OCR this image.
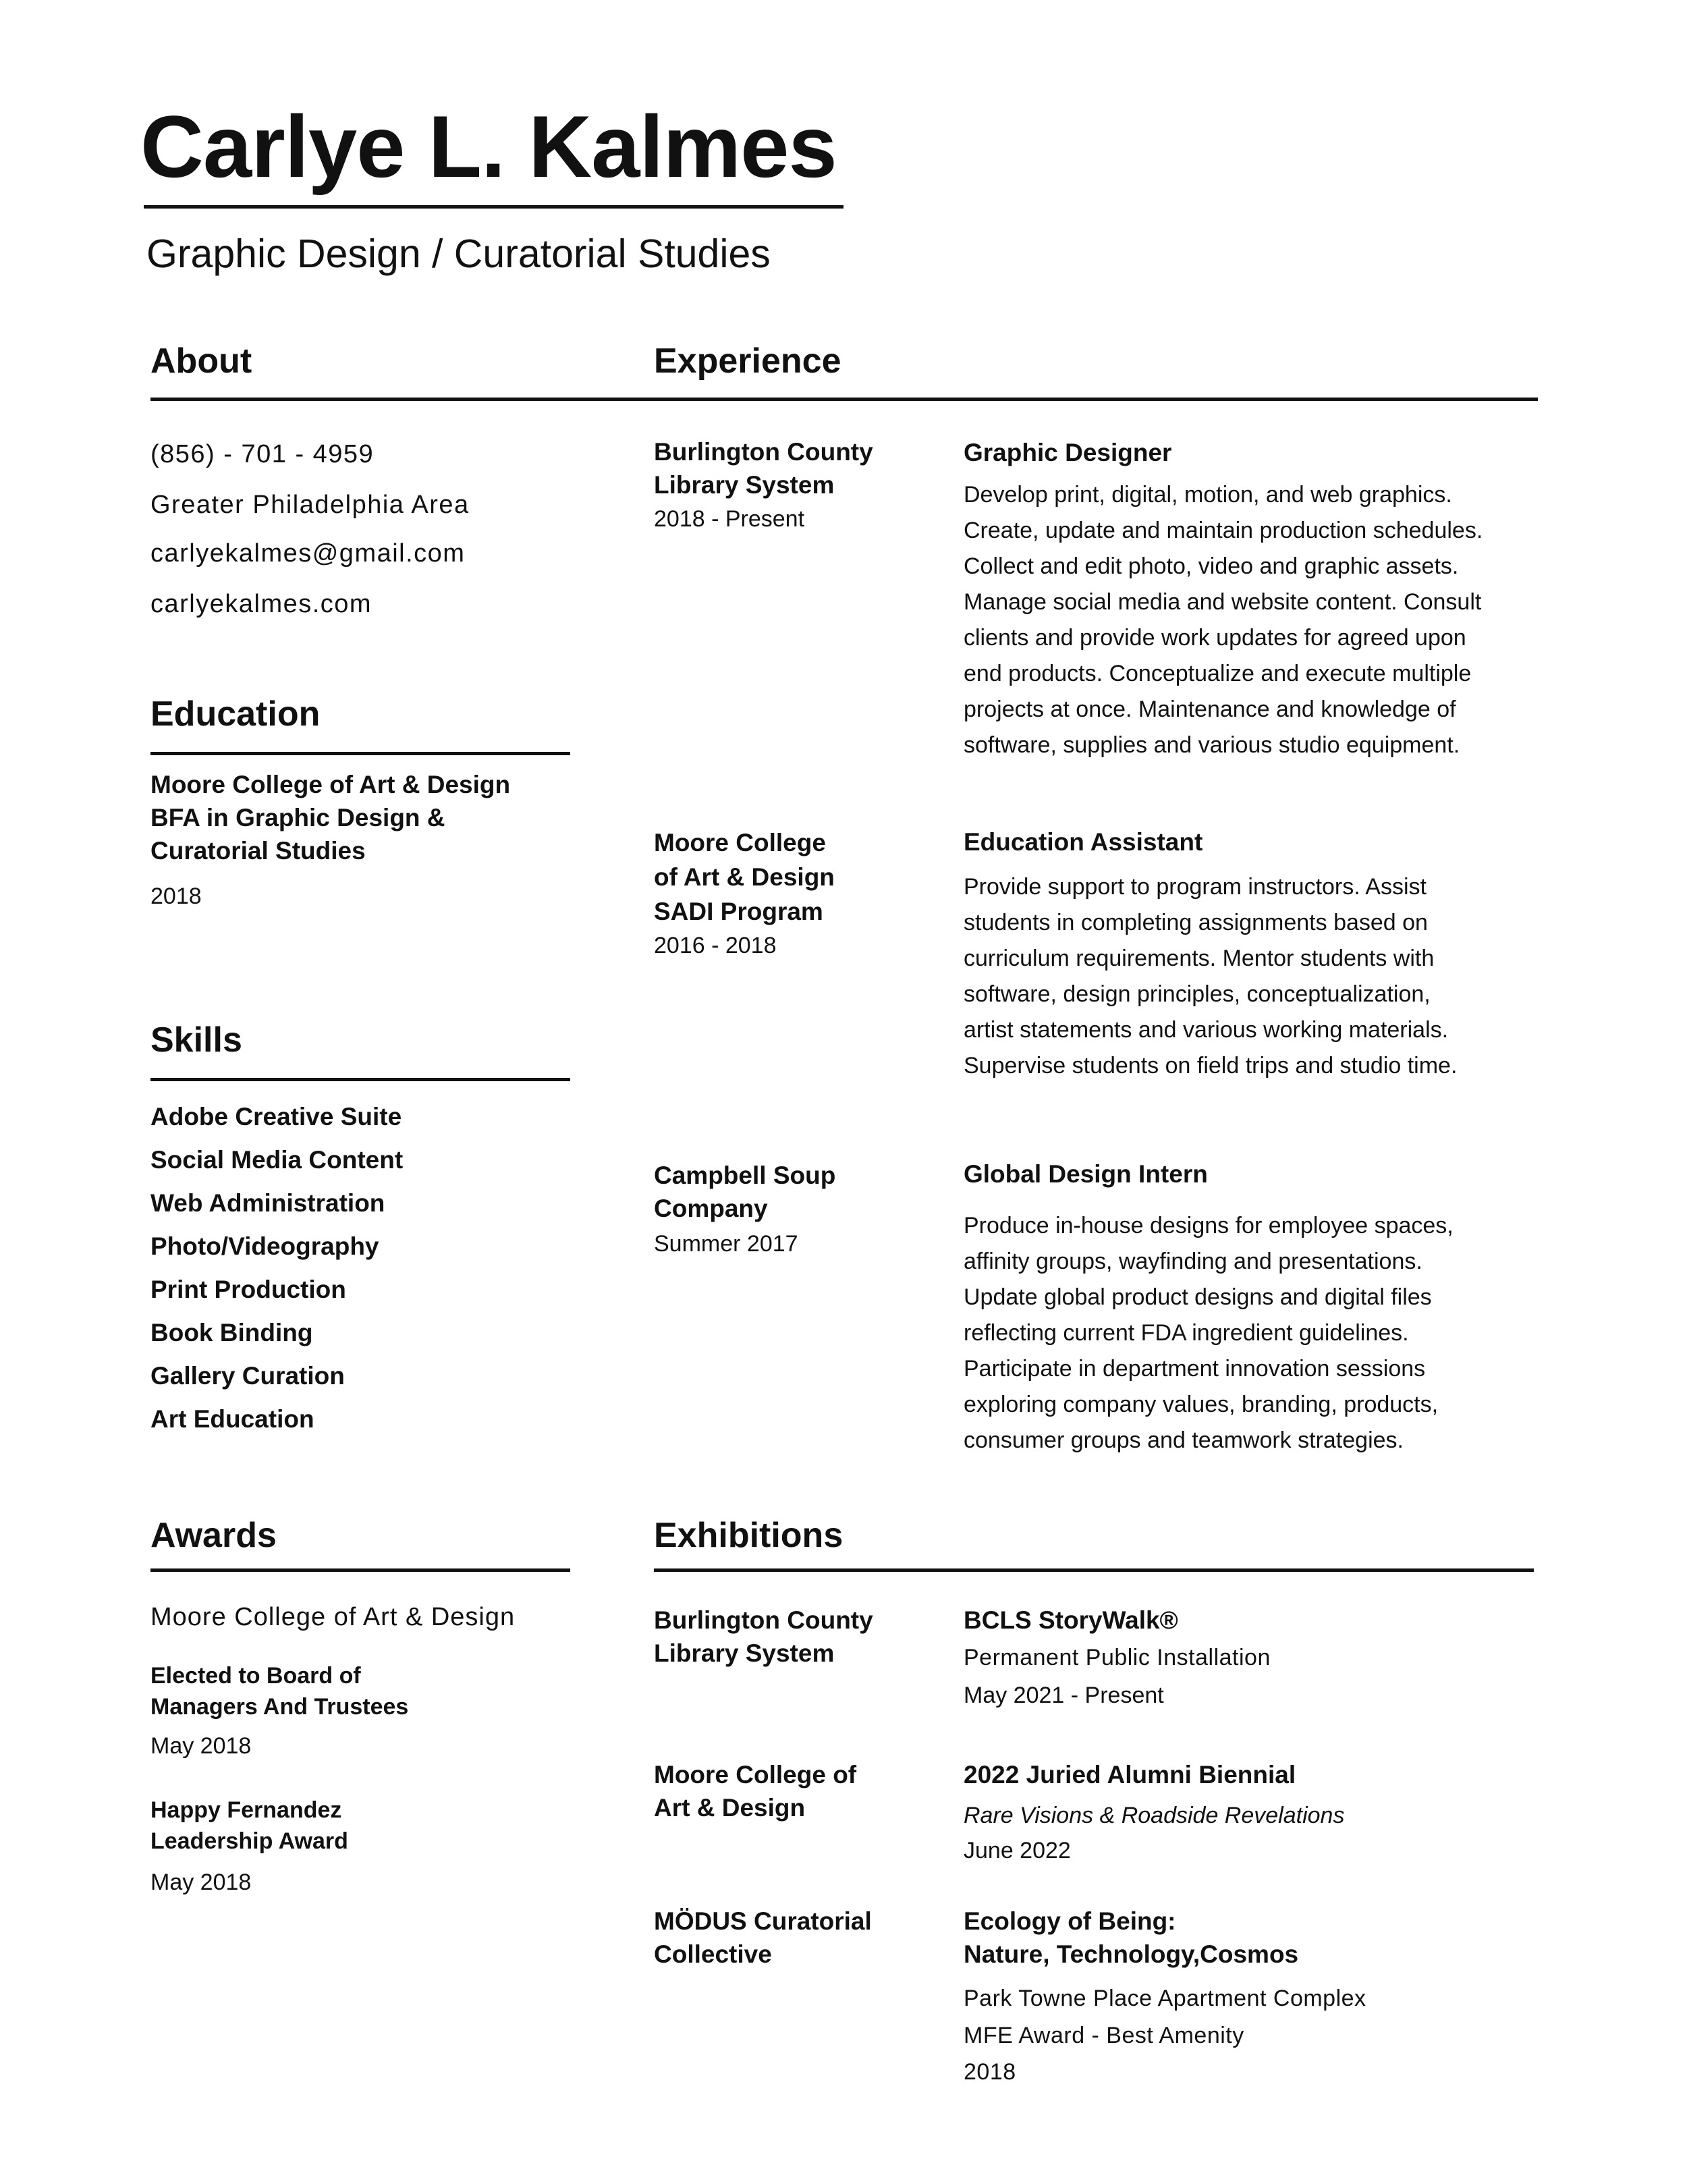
Carlye L. Kalmes
Graphic Design / Curatorial Studies
About	Experience
(856) - 701 - 4959
Greater Philadelphia Area
carlyekalmes@gmail.com
carlyekalmes.com
Education
Moore College of Art & Design
BFA in Graphic Design &
Curatorial Studies
2018
Skills
Adobe Creative Suite
Social Media Content
Web Administration
Photo/Videography
Print Production
Book Binding
Gallery Curation
Art Education
Awards	Exhibitions
Moore College of Art & Design
Elected to Board of
Managers And Trustees
May 2018
Happy Fernandez
Leadership Award
May 2018
Burlington County
Library System
2018 - Present
Graphic Designer
Develop print, digital, motion, and web graphics.
Create, update and maintain production schedules.
Collect and edit photo, video and graphic assets.
Manage social media and website content. Consult
clients and provide work updates for agreed upon
end products. Conceptualize and execute multiple
projects at once. Maintenance and knowledge of
software, supplies and various studio equipment.
Moore College
of Art & Design
SADI Program
2016 - 2018
Education Assistant
Provide support to program instructors. Assist
students in completing assignments based on
curriculum requirements. Mentor students with
software, design principles, conceptualization,
artist statements and various working materials.
Supervise students on field trips and studio time.
Campbell Soup
Company
Summer 2017
Global Design Intern
Produce in-house designs for employee spaces,
affinity groups, wayfinding and presentations.
Update global product designs and digital files
reflecting current FDA ingredient guidelines.
Participate in department innovation sessions
exploring company values, branding, products,
consumer groups and teamwork strategies.
Burlington County
Library System
BCLS StoryWalk®
Permanent Public Installation
May 2021 - Present
Moore College of
Art & Design
2022 Juried Alumni Biennial
Rare Visions & Roadside Revelations
June 2022
MÖDUS Curatorial
Collective
Ecology of Being:
Nature, Technology,Cosmos
Park Towne Place Apartment Complex
MFE Award - Best Amenity
2018
